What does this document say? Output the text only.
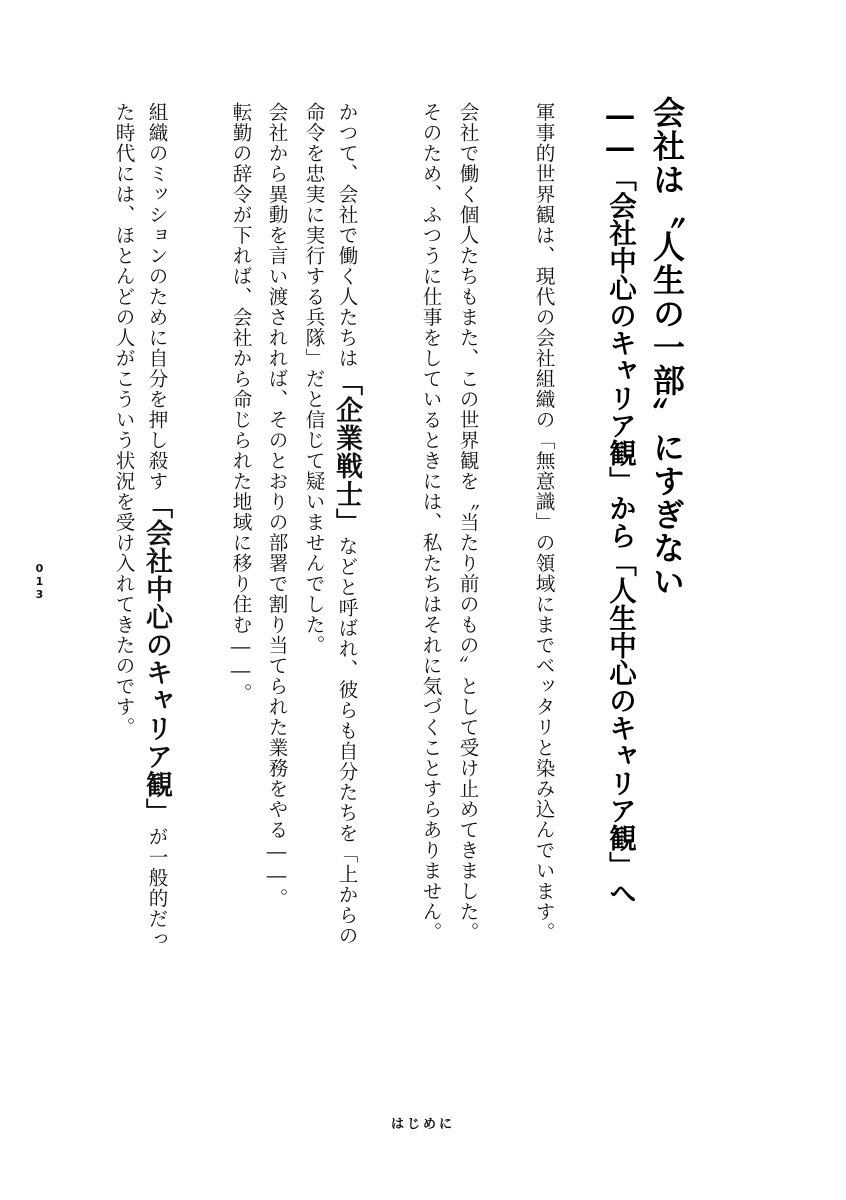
会社は〝人生の一部〟にすぎない
――「会社中心のキャリア観」から「人生中心のキャリア観」へ
軍事的世界観は、現代の会社組織の「無意識」の領域にまでベッタリと染み込んでいます。
会社で働く個人たちもまた、この世界観を〝当たり前のもの〟として受け止めてきました。
そのため、ふつうに仕事をしているときには、私たちはそれに気づくことすらありません。
かつて、会社で働く人たちは「企業戦士」などと呼ばれ、彼らも自分たちを「上からの
命令を忠実に実行する兵隊」だと信じて疑いませんでした。
会社から異動を言い渡されれば、そのとおりの部署で割り当てられた業務をやる――。
転勤の辞令が下れば、会社から命じられた地域に移り住む――。
組織のミッションのために自分を押し殺す「会社中心のキャリア観」が一般的だっ
た時代には、ほとんどの人がこういう状況を受け入れてきたのです。
013
はじめに
